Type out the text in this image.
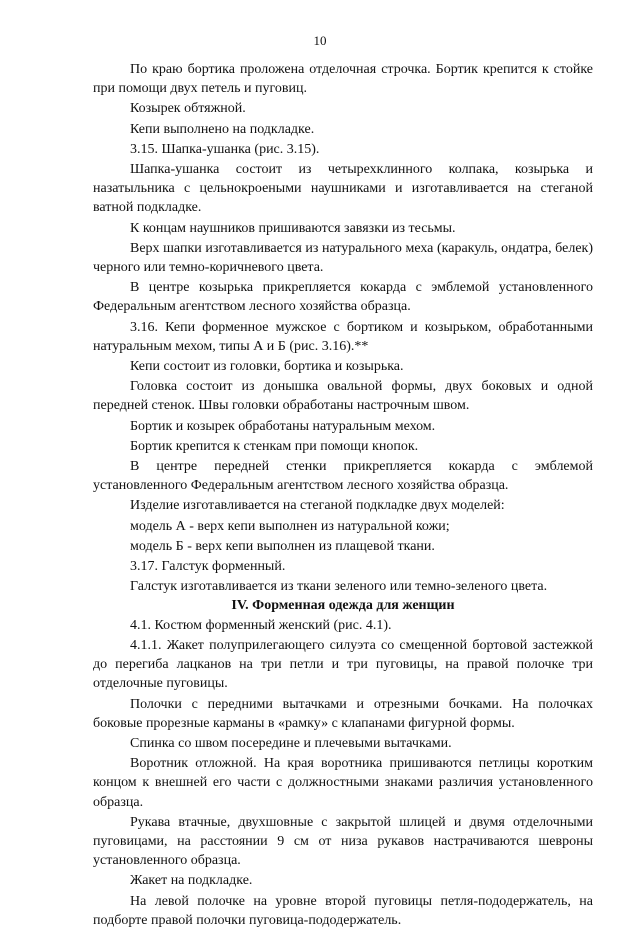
10

По краю бортика проложена отделочная строчка. Бортик крепится к стойке при помощи двух петель и пуговиц.

Козырек обтяжной.

Кепи выполнено на подкладке.

3.15. Шапка-ушанка (рис. 3.15).

Шапка-ушанка состоит из четырехклинного колпака, козырька и назатыльника с цельнокроеными наушниками и изготавливается на стеганой ватной подкладке.

К концам наушников пришиваются завязки из тесьмы.

Верх шапки изготавливается из натурального меха (каракуль, ондатра, белек) черного или темно-коричневого цвета.

В центре козырька прикрепляется кокарда с эмблемой установленного Федеральным агентством лесного хозяйства образца.

3.16. Кепи форменное мужское с бортиком и козырьком, обработанными натуральным мехом, типы А и Б (рис. 3.16).**

Кепи состоит из головки, бортика и козырька.

Головка состоит из донышка овальной формы, двух боковых и одной передней стенок. Швы головки обработаны настрочным швом.

Бортик и козырек обработаны натуральным мехом.

Бортик крепится к стенкам при помощи кнопок.

В центре передней стенки прикрепляется кокарда с эмблемой установленного Федеральным агентством лесного хозяйства образца.

Изделие изготавливается на стеганой подкладке двух моделей:

модель А - верх кепи выполнен из натуральной кожи;

модель Б - верх кепи выполнен из плащевой ткани.

3.17. Галстук форменный.

Галстук изготавливается из ткани зеленого или темно-зеленого цвета.

IV. Форменная одежда для женщин

4.1. Костюм форменный женский (рис. 4.1).

4.1.1. Жакет полуприлегающего силуэта со смещенной бортовой застежкой до перегиба лацканов на три петли и три пуговицы, на правой полочке три отделочные пуговицы.

Полочки с передними вытачками и отрезными бочками. На полочках боковые прорезные карманы в «рамку» с клапанами фигурной формы.

Спинка со швом посередине и плечевыми вытачками.

Воротник отложной. На края воротника пришиваются петлицы коротким концом к внешней его части с должностными знаками различия установленного образца.

Рукава втачные, двухшовные с закрытой шлицей и двумя отделочными пуговицами, на расстоянии 9 см от низа рукавов настрачиваются шевроны установленного образца.

Жакет на подкладке.

На левой полочке на уровне второй пуговицы петля-пододержатель, на подборте правой полочки пуговица-пододержатель.
